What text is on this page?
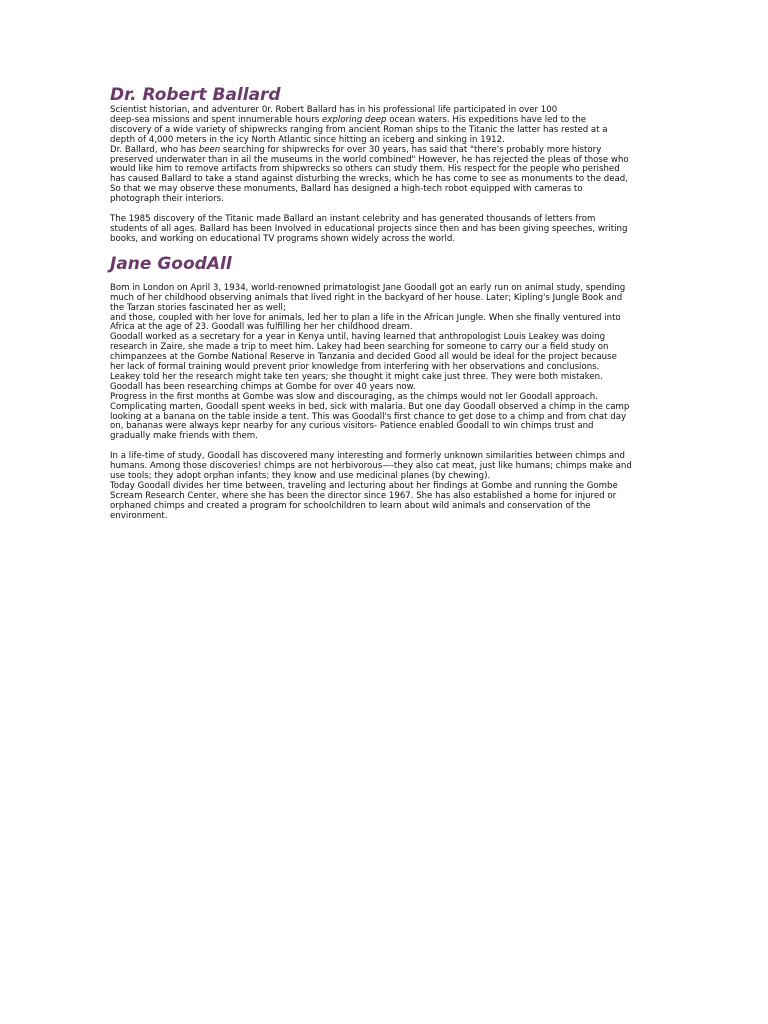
Dr. Robert Ballard

Scientist historian, and adventurer 0r. Robert Ballard has in his professional life participated in over 100

deep-sea missions and spent innumerable hours exploring deep ocean waters. His expeditions have led to the

discovery of a wide variety of shipwrecks ranging from ancient Roman ships to the Titanic the latter has rested at a

depth of 4,000 meters in the icy North Atlantic since hitting an iceberg and sinking in 1912.

Dr. Ballard, who has been searching for shipwrecks for over 30 years, has said that "there's probably more history

preserved underwater than in ail the museums in the world combined" However, he has rejected the pleas of those who

would like him to remove artifacts from shipwrecks so others can study them. His respect for the people who perished

has caused Ballard to take a stand against disturbing the wrecks, which he has come to see as monuments to the dead,

So that we may observe these monuments, Ballard has designed a high-tech robot equipped with cameras to

photograph their interiors.

The 1985 discovery of the Titanic made Ballard an instant celebrity and has generated thousands of letters from

students of all ages. Ballard has been Involved in educational projects since then and has been giving speeches, writing

books, and working on educational TV programs shown widely across the world.

Jane GoodAll

Bom in London on April 3, 1934, world-renowned primatologist Jane Goodall got an early run on animal study, spending

much of her childhood observing animals that lived right in the backyard of her house. Later; Kipling's Jungle Book and

the Tarzan stories fascinated her as well;

and those, coupled with her love for animals, led her to plan a life in the African Jungle. When she finally ventured into

Africa at the age of 23. Goodall was fulfilling her her childhood dream.

Goodall worked as a secretary for a year in Kenya until, having learned that anthropologist Louis Leakey was doing

research in Zaire, she made a trip to meet him. Lakey had been searching for someone to carry our a field study on

chimpanzees at the Gombe National Reserve in Tanzania and decided Good all would be ideal for the project because

her lack of formal training would prevent prior knowledge from interfering with her observations and conclusions.

Leakey told her the research might take ten years; she thought it might cake just three. They were both mistaken.

Goodall has been researching chimps at Gombe for over 40 years now.

Progress in the first months at Gombe was slow and discouraging, as the chimps would not ler Goodall approach.

Complicating marten, Goodall spent weeks in bed, sick with malaria. But one day Goodall observed a chimp in the camp

looking at a banana on the table inside a tent. This was Goodall's first chance to get dose to a chimp and from chat day

on, bananas were always kepr nearby for any curious visitors- Patience enabled Goodall to win chimps trust and

gradually make friends with them.

In a life-time of study, Goodall has discovered many interesting and formerly unknown similarities between chimps and

humans. Among those discoveries! chimps are not herbivorous—-they also cat meat, just like humans; chimps make and

use tools; they adopt orphan infants; they know and use medicinal planes (by chewing).

Today Goodall divides her time between, traveling and lecturing about her findings at Gombe and running the Gombe

Scream Research Center, where she has been the director since 1967. She has also established a home for injured or

orphaned chimps and created a program for schoolchildren to learn about wild animals and conservation of the

environment.
